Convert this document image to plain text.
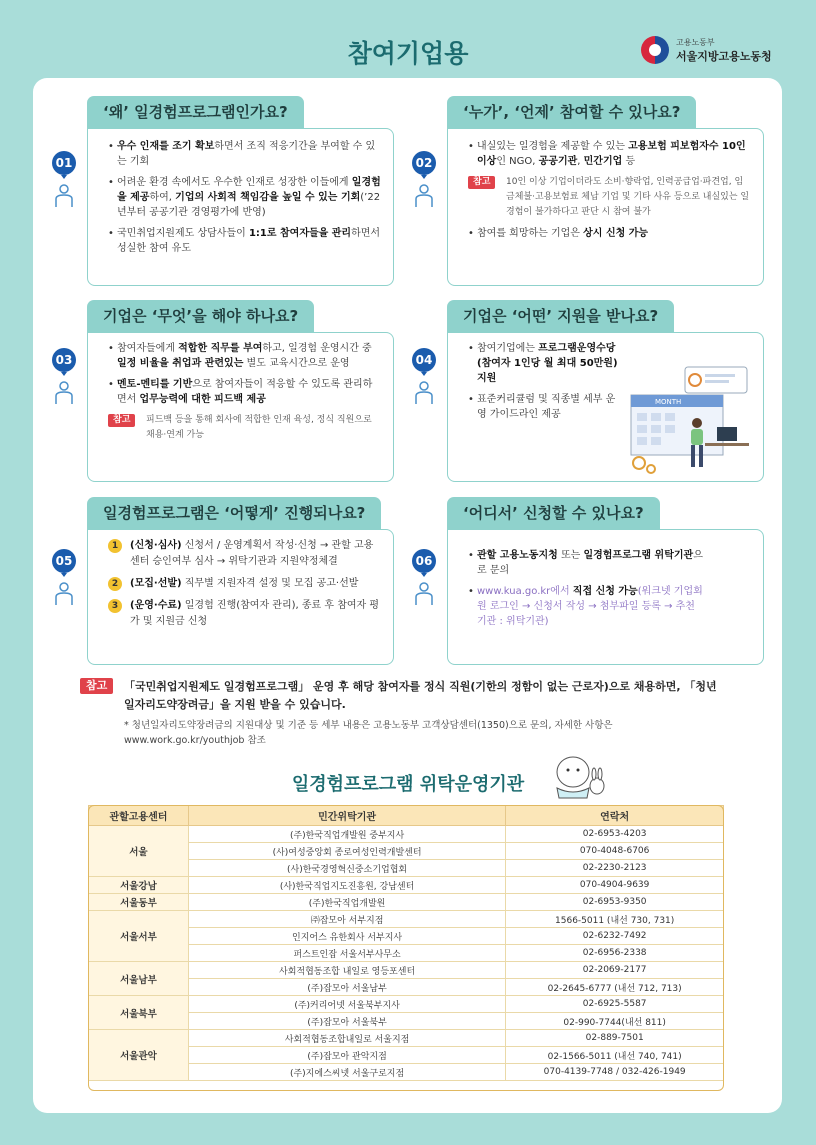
참여기업용	고용노동부
서울지방고용노동청
‘왜’ 일경험프로그램인가요?
• 우수 인재를 조기 확보하면서 조직 적응기간을 부여할 수 있는 기회
• 어려운 환경 속에서도 우수한 인재로 성장한 이들에게 일경험을 제공하여, 기업의 사회적 책임감을 높일 수 있는 기회(’22년부터 공공기관 경영평가에 반영)
• 국민취업지원제도 상담사들이 1:1로 참여자들을 관리하면서 성실한 참여 유도
01
‘누가’, ‘언제’ 참여할 수 있나요?
• 내실있는 일경험을 제공할 수 있는 고용보험 피보험자수 10인 이상인 NGO, 공공기관, 민간기업 등
참고	10인 이상 기업이더라도 소비·향락업, 인력공급업·파견업, 임금체불·고용보험료 체납 기업 및 기타 사유 등으로 내실있는 일경험이 불가하다고 판단 시 참여 불가
• 참여를 희망하는 기업은 상시 신청 가능
02
기업은 ‘무엇’을 해야 하나요?
• 참여자들에게 적합한 직무를 부여하고, 일경험 운영시간 중 일정 비율을 취업과 관련있는 별도 교육시간으로 운영
• 멘토-멘티를 기반으로 참여자들이 적응할 수 있도록 관리하면서 업무능력에 대한 피드백 제공
참고	피드백 등을 통해 회사에 적합한 인재 육성, 정식 직원으로 채용·연계 가능
03
기업은 ‘어떤’ 지원을 받나요?
• 참여기업에는 프로그램운영수당 (참여자 1인당 월 최대 50만원) 지원
• 표준커리큘럼 및 직종별 세부 운영 가이드라인 제공
MONTH
04
일경험프로그램은 ‘어떻게’ 진행되나요?
1	(신청·심사) 신청서 / 운영계획서 작성·신청 → 관할 고용센터 승인여부 심사 → 위탁기관과 지원약정체결
2	(모집·선발) 직무별 지원자격 설정 및 모집 공고·선발
3	(운영·수료) 일경험 진행(참여자 관리), 종료 후 참여자 평가 및 지원금 신청
05
‘어디서’ 신청할 수 있나요?
• 관할 고용노동지청 또는 일경험프로그램 위탁기관으로 문의
• www.kua.go.kr에서 직접 신청 가능(워크넷 기업회원 로그인 → 신청서 작성 → 첨부파일 등록 → 추천기관 : 위탁기관)
06
참고	「국민취업지원제도 일경험프로그램」 운영 후 해당 참여자를 정식 직원(기한의 정함이 없는 근로자)으로 채용하면, 「청년일자리도약장려금」을 지원 받을 수 있습니다.
* 청년일자리도약장려금의 지원대상 및 기준 등 세부 내용은 고용노동부 고객상담센터(1350)으로 문의, 자세한 사항은 www.work.go.kr/youthjob 참조
일경험프로그램 위탁운영기관
관할고용센터	민간위탁기관	연락처
서울	(주)한국직업개발원 중부지사	02-6953-4203
	(사)여성중앙회 종로여성인력개발센터	070-4048-6706
	(사)한국경영혁신중소기업협회	02-2230-2123
서울강남	(사)한국직업지도진흥원, 강남센터	070-4904-9639
서울동부	(주)한국직업개발원	02-6953-9350
서울서부	㈜잡모아 서부지점	1566-5011 (내선 730, 731)
	인지어스 유한회사 서부지사	02-6232-7492
	퍼스트인잡 서울서부사무소	02-6956-2338
서울남부	사회적협동조합 내일로 영등포센터	02-2069-2177
	(주)잡모아 서울남부	02-2645-6777 (내선 712, 713)
서울북부	(주)커리어넷 서울북부지사	02-6925-5587
	(주)잡모아 서울북부	02-990-7744(내선 811)
서울관악	사회적협동조합내일로 서울지점	02-889-7501
	(주)잡모아 관악지점	02-1566-5011 (내선 740, 741)
	(주)지에스씨넷 서울구로지점	070-4139-7748 / 032-426-1949
